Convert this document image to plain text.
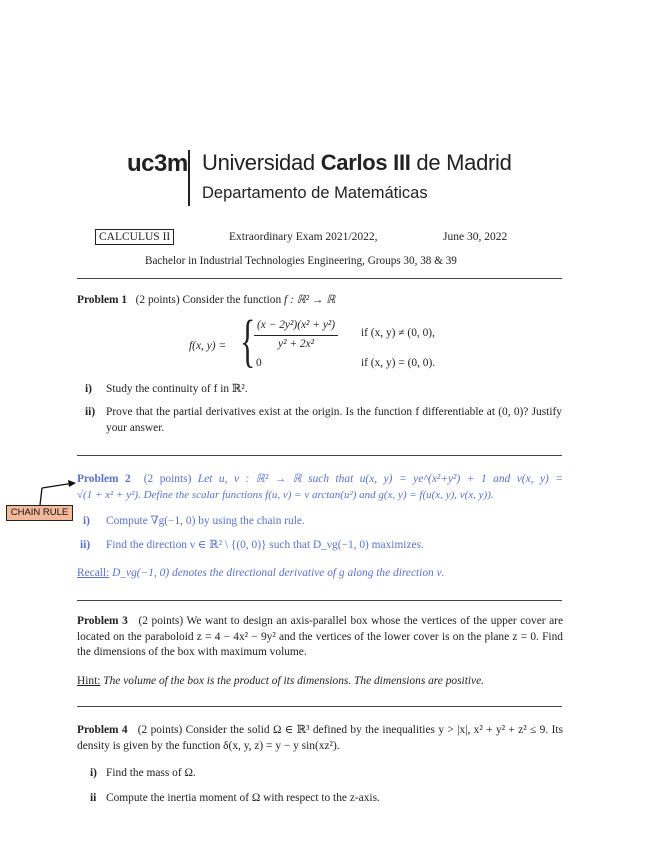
uc3m Universidad Carlos III de Madrid
Departamento de Matemáticas
CALCULUS II	Extraordinary Exam 2021/2022,	June 30, 2022
Bachelor in Industrial Technologies Engineering, Groups 30, 38 & 39
Problem 1 (2 points) Consider the function f : ℝ² → ℝ
f(x, y) = {
$\frac{\text{(x − 2y²)(x² + y²)}}{\text{y² + 2x²}}$ if (x, y) ≠ (0, 0),
0	if (x, y) = (0, 0).
i) Study the continuity of f in ℝ².
ii) Prove that the partial derivatives exist at the origin. Is the function f differentiable at (0, 0)? Justify your answer.
Problem 2 (2 points) Let u, v : ℝ² → ℝ such that u(x, y) = ye^(x²+y²) + 1 and v(x, y) =
√(1 + x² + y²). Define the scalar functions f(u, v) = v arctan(u²) and g(x, y) = f(u(x, y), v(x, y)).
i) Compute ∇g(−1, 0) by using the chain rule.
ii) Find the direction ν ∈ ℝ² \ {(0, 0)} such that D_νg(−1, 0) maximizes.
Recall: D_νg(−1, 0) denotes the directional derivative of g along the direction ν.
CHAIN RULE
Problem 3 (2 points) We want to design an axis-parallel box whose the vertices of the upper cover are located on the paraboloid z = 4 − 4x² − 9y² and the vertices of the lower cover is on the plane z = 0. Find the dimensions of the box with maximum volume.
Hint: The volume of the box is the product of its dimensions. The dimensions are positive.
Problem 4 (2 points) Consider the solid Ω ∈ ℝ³ defined by the inequalities y > |x|, x² + y² + z² ≤ 9. Its density is given by the function δ(x, y, z) = y − y sin(xz²).
i) Find the mass of Ω.
ii Compute the inertia moment of Ω with respect to the z-axis.
